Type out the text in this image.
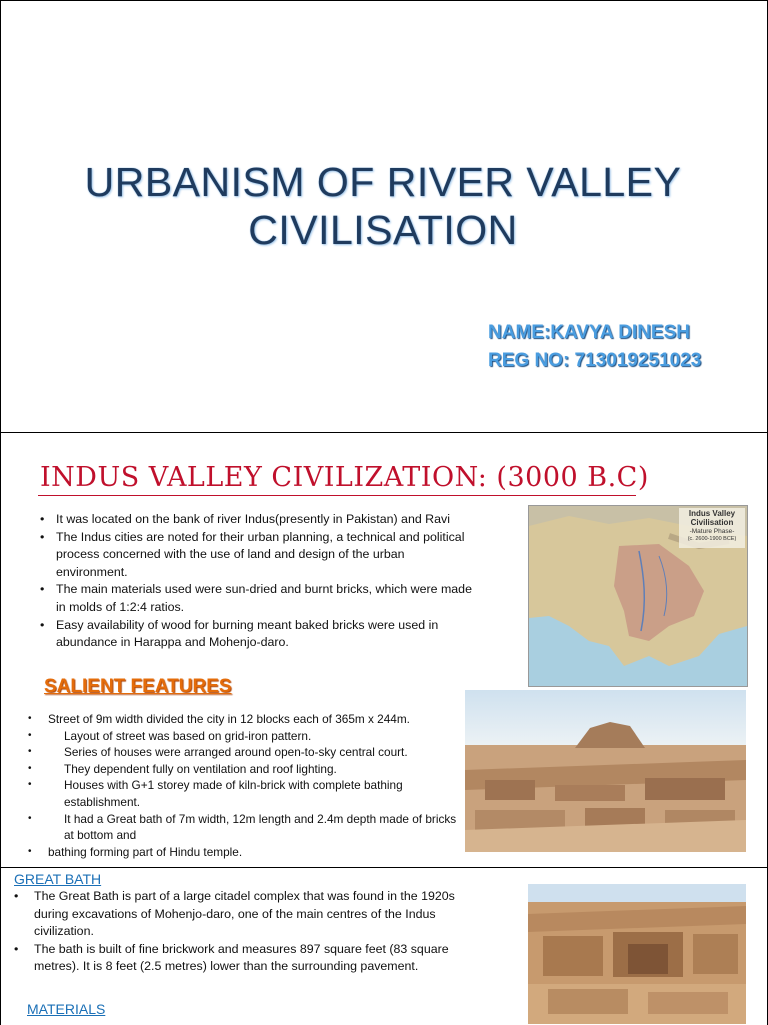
URBANISM OF RIVER VALLEY
CIVILISATION
NAME:KAVYA DINESH
REG NO: 713019251023
INDUS VALLEY CIVILIZATION: (3000 B.C)
• It was located on the bank of river Indus(presently in Pakistan) and Ravi
• The Indus cities are noted for their urban planning, a technical and political process concerned with the use of land and design of the urban environment.
• The main materials used were sun-dried and burnt bricks, which were made in molds of 1:2:4 ratios.
• Easy availability of wood for burning meant baked bricks were used in abundance in Harappa and Mohenjo-daro.
Indus Valley Civilisation
-Mature Phase-
(c. 2600-1900 BCE)
SALIENT FEATURES
• Street of 9m width divided the city in 12 blocks each of 365m x 244m.
• Layout of street was based on grid-iron pattern.
• Series of houses were arranged around open-to-sky central court.
• They dependent fully on ventilation and roof lighting.
• Houses with G+1 storey made of kiln-brick with complete bathing establishment.
• It had a Great bath of 7m width, 12m length and 2.4m depth made of bricks at bottom and
• bathing forming part of Hindu temple.
GREAT BATH
• The Great Bath is part of a large citadel complex that was found in the 1920s during excavations of Mohenjo-daro, one of the main centres of the Indus civilization.
• The bath is built of fine brickwork and measures 897 square feet (83 square metres). It is 8 feet (2.5 metres) lower than the surrounding pavement.
MATERIALS
